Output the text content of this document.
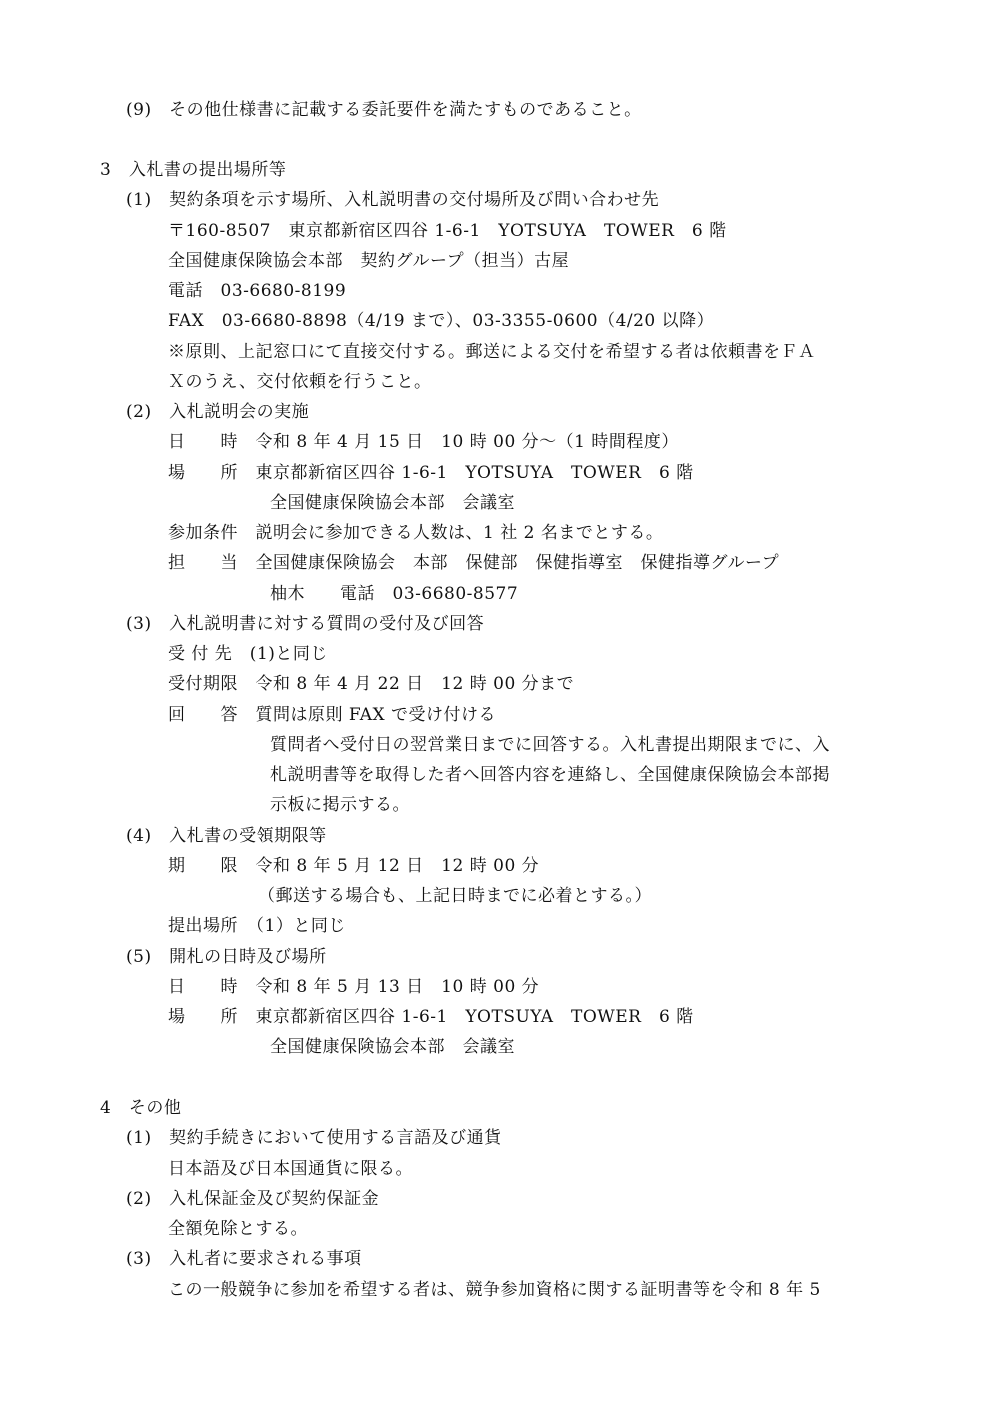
(9)　その他仕様書に記載する委託要件を満たすものであること。
3　入札書の提出場所等
(1)　契約条項を示す場所、入札説明書の交付場所及び問い合わせ先
〒160-8507　東京都新宿区四谷 1-6-1　YOTSUYA　TOWER　6 階
全国健康保険協会本部　契約グループ（担当）古屋
電話　03-6680-8199
FAX　03-6680-8898（4/19 まで）、03-3355-0600（4/20 以降）
※原則、上記窓口にて直接交付する。郵送による交付を希望する者は依頼書をＦＡ
Ｘのうえ、交付依頼を行うこと。
(2)　入札説明会の実施
日　　時　令和 8 年 4 月 15 日　10 時 00 分～（1 時間程度）
場　　所　東京都新宿区四谷 1-6-1　YOTSUYA　TOWER　6 階
全国健康保険協会本部　会議室
参加条件　説明会に参加できる人数は、1 社 2 名までとする。
担　　当　全国健康保険協会　本部　保健部　保健指導室　保健指導グループ
柚木　　電話　03-6680-8577
(3)　入札説明書に対する質問の受付及び回答
受 付 先　(1)と同じ
受付期限　令和 8 年 4 月 22 日　12 時 00 分まで
回　　答　質問は原則 FAX で受け付ける
質問者へ受付日の翌営業日までに回答する。入札書提出期限までに、入
札説明書等を取得した者へ回答内容を連絡し、全国健康保険協会本部掲
示板に掲示する。
(4)　入札書の受領期限等
期　　限　令和 8 年 5 月 12 日　12 時 00 分
（郵送する場合も、上記日時までに必着とする。）
提出場所　（1）と同じ
(5)　開札の日時及び場所
日　　時　令和 8 年 5 月 13 日　10 時 00 分
場　　所　東京都新宿区四谷 1-6-1　YOTSUYA　TOWER　6 階
全国健康保険協会本部　会議室
4　その他
(1)　契約手続きにおいて使用する言語及び通貨
日本語及び日本国通貨に限る。
(2)　入札保証金及び契約保証金
全額免除とする。
(3)　入札者に要求される事項
この一般競争に参加を希望する者は、競争参加資格に関する証明書等を令和 8 年 5
